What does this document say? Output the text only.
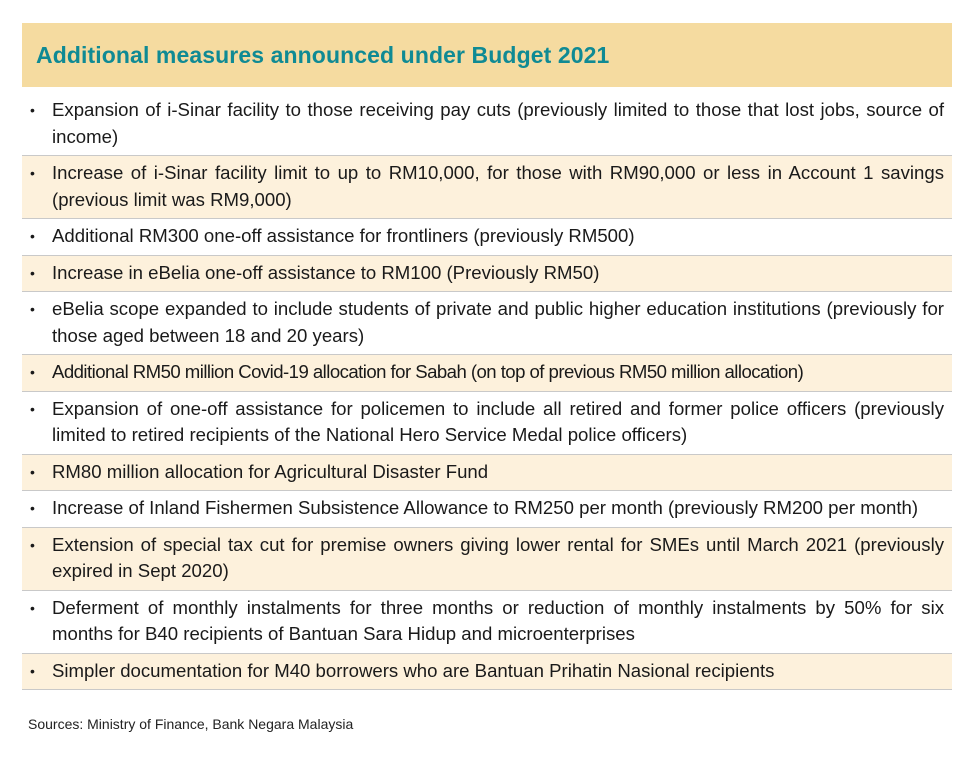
Additional measures announced under Budget 2021
• Expansion of i-Sinar facility to those receiving pay cuts (previously limited to those that lost jobs, source of income)
• Increase of i-Sinar facility limit to up to RM10,000, for those with RM90,000 or less in Account 1 savings (previous limit was RM9,000)
• Additional RM300 one-off assistance for frontliners (previously RM500)
• Increase in eBelia one-off assistance to RM100 (Previously RM50)
• eBelia scope expanded to include students of private and public higher education institutions (previously for those aged between 18 and 20 years)
• Additional RM50 million Covid-19 allocation for Sabah (on top of previous RM50 million allocation)
• Expansion of one-off assistance for policemen to include all retired and former police officers (previously limited to retired recipients of the National Hero Service Medal police officers)
• RM80 million allocation for Agricultural Disaster Fund
• Increase of Inland Fishermen Subsistence Allowance to RM250 per month (previously RM200 per month)
• Extension of special tax cut for premise owners giving lower rental for SMEs until March 2021 (previously expired in Sept 2020)
• Deferment of monthly instalments for three months or reduction of monthly instalments by 50% for six months for B40 recipients of Bantuan Sara Hidup and microenterprises
• Simpler documentation for M40 borrowers who are Bantuan Prihatin Nasional recipients
Sources: Ministry of Finance, Bank Negara Malaysia
